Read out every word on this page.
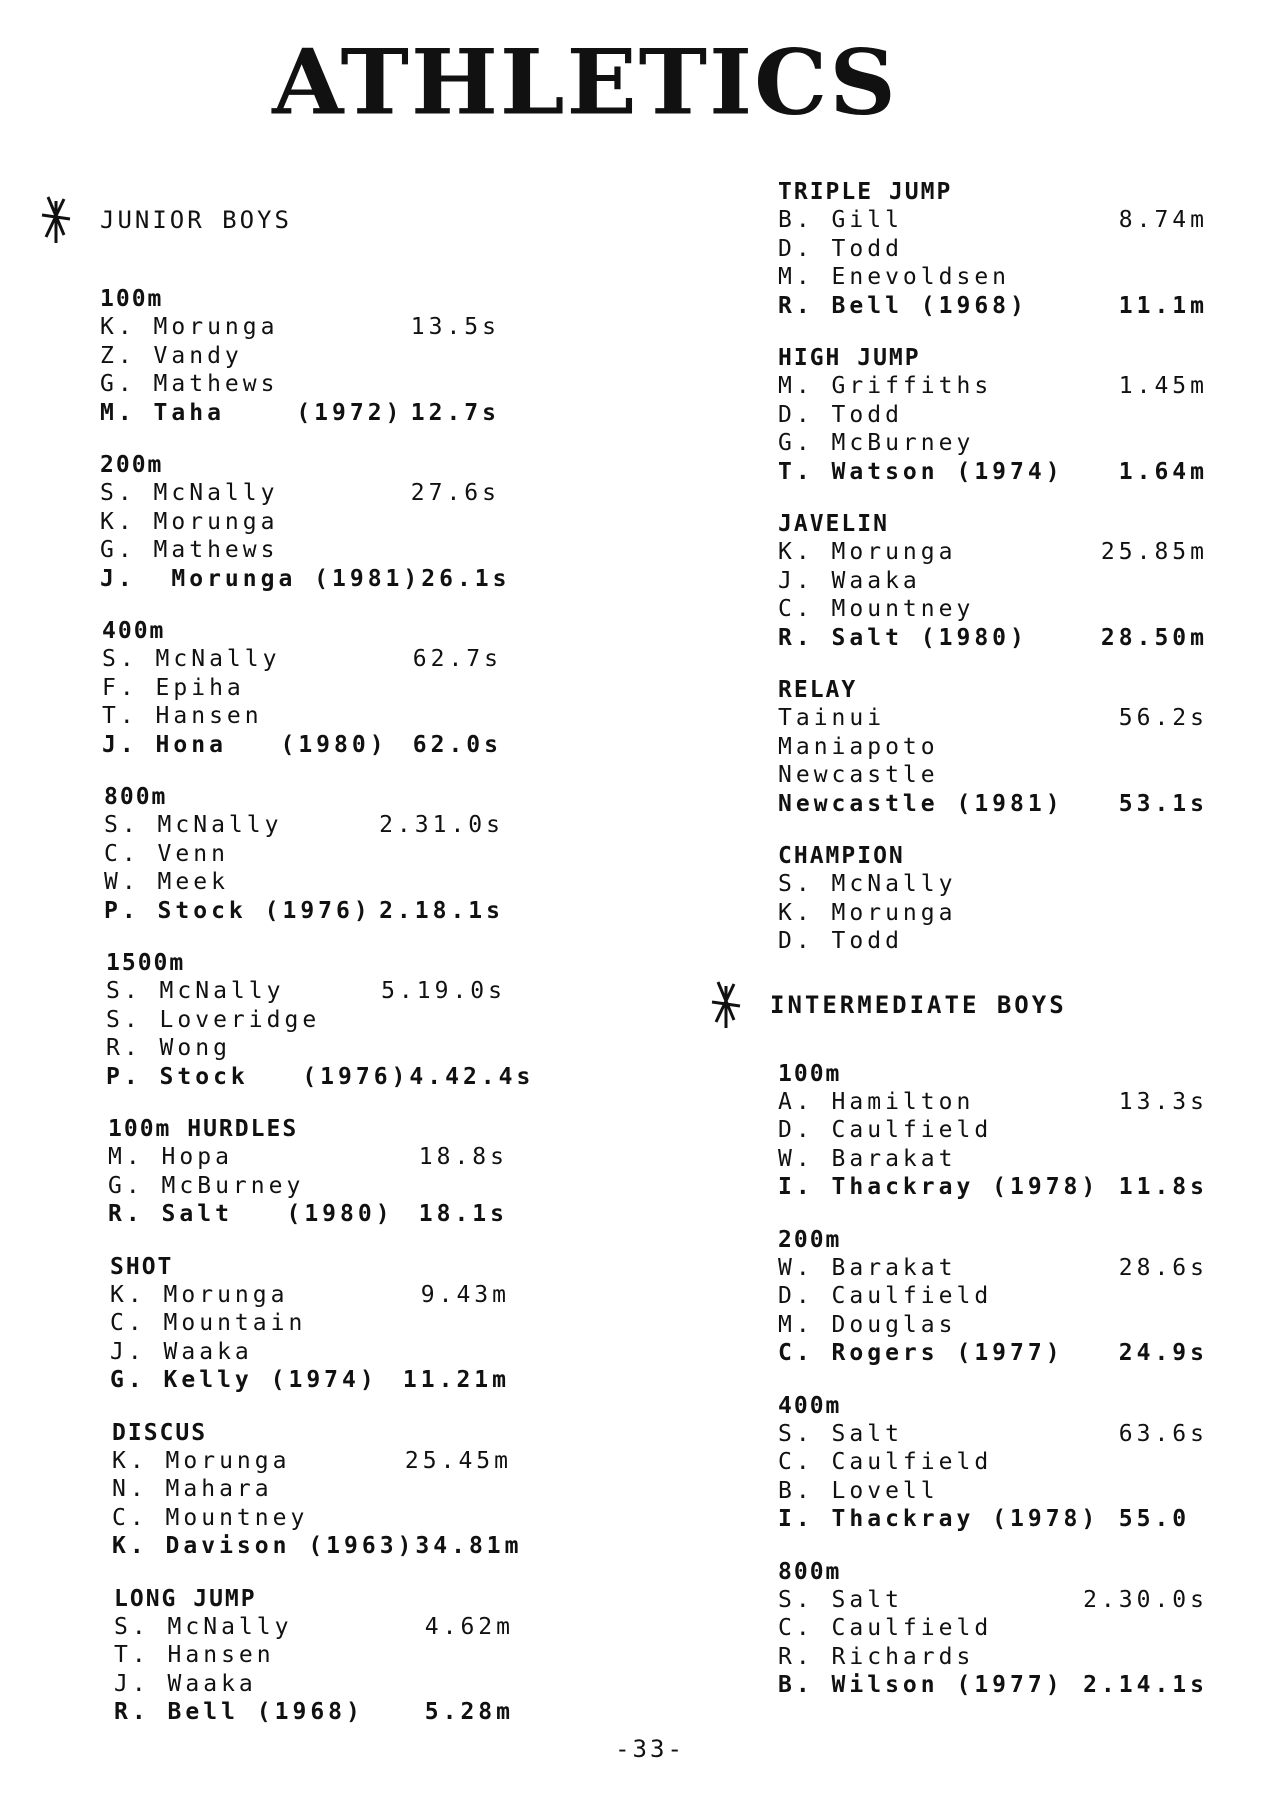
ATHLETICS
JUNIOR BOYS
100m
K. Morunga	13.5s
Z. Vandy
G. Mathews
M. Taha    (1972) 12.7s
200m
S. McNally	27.6s
K. Morunga
G. Mathews
J.  Morunga (1981) 26.1s
400m
S. McNally	62.7s
F. Epiha
T. Hansen
J. Hona   (1980) 62.0s
800m
S. McNally	2.31.0s
C. Venn
W. Meek
P. Stock (1976) 2.18.1s
1500m
S. McNally	5.19.0s
S. Loveridge
R. Wong
P. Stock   (1976) 4.42.4s
100m HURDLES
M. Hopa	18.8s
G. McBurney
R. Salt   (1980) 18.1s
SHOT
K. Morunga	9.43m
C. Mountain
J. Waaka
G. Kelly (1974) 11.21m
DISCUS
K. Morunga	25.45m
N. Mahara
C. Mountney
K. Davison (1963) 34.81m
LONG JUMP
S. McNally	4.62m
T. Hansen
J. Waaka
R. Bell (1968)	5.28m
TRIPLE JUMP
B. Gill	8.74m
D. Todd
M. Enevoldsen
R. Bell (1968)	11.1m
HIGH JUMP
M. Griffiths	1.45m
D. Todd
G. McBurney
T. Watson (1974) 1.64m
JAVELIN
K. Morunga	25.85m
J. Waaka
C. Mountney
R. Salt (1980)	28.50m
RELAY
Tainui	56.2s
Maniapoto
Newcastle
Newcastle (1981) 53.1s
CHAMPION
S. McNally
K. Morunga
D. Todd
INTERMEDIATE BOYS
100m
A. Hamilton	13.3s
D. Caulfield
W. Barakat
I. Thackray (1978) 11.8s
200m
W. Barakat	28.6s
D. Caulfield
M. Douglas
C. Rogers (1977) 24.9s
400m
S. Salt	63.6s
C. Caulfield
B. Lovell
I. Thackray (1978) 55.0
800m
S. Salt	2.30.0s
C. Caulfield
R. Richards
B. Wilson (1977) 2.14.1s
-33-
